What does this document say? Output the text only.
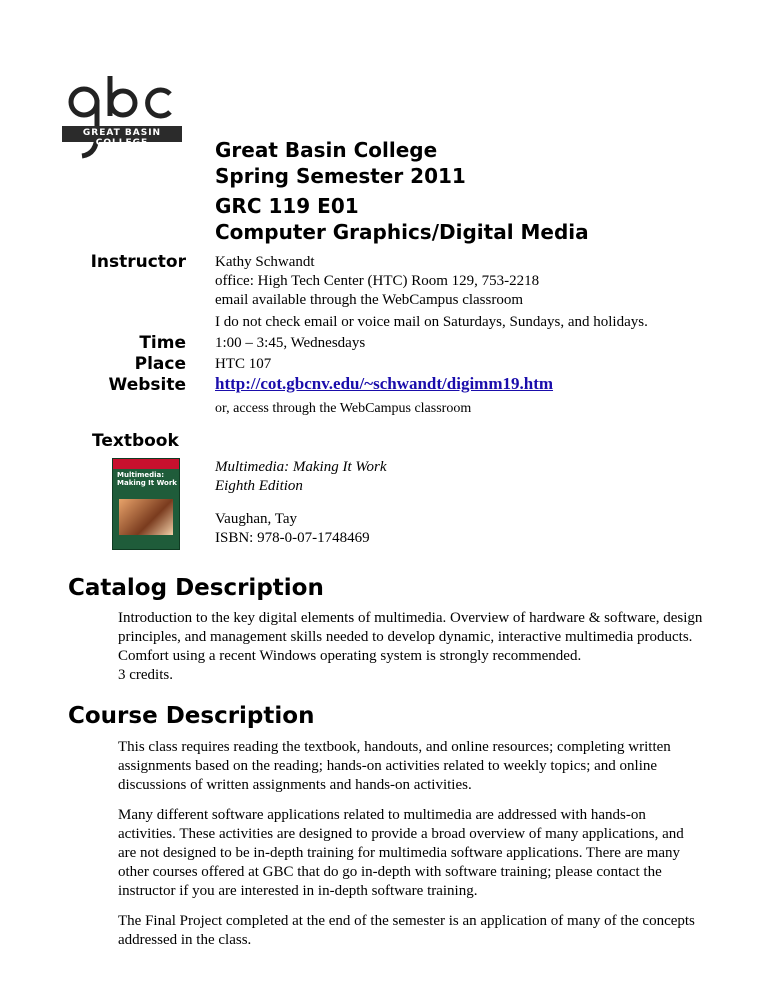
GREAT BASIN COLLEGE	Great Basin College
Spring Semester 2011
GRC 119 E01
Computer Graphics/Digital Media
Instructor Kathy Schwandt
office: High Tech Center (HTC) Room 129, 753-2218
email available through the WebCampus classroom
I do not check email or voice mail on Saturdays, Sundays, and holidays.
Time
Place
Website
1:00 – 3:45, Wednesdays
HTC 107
http://cot.gbcnv.edu/~schwandt/digimm19.htm
or, access through the WebCampus classroom
Textbook
Multimedia: Making It Work
Multimedia: Making It Work
Eighth Edition
Vaughan, Tay
ISBN: 978-0-07-1748469
Catalog Description

Introduction to the key digital elements of multimedia. Overview of hardware & software, design

principles, and management skills needed to develop dynamic, interactive multimedia products.

Comfort using a recent Windows operating system is strongly recommended.

3 credits.

Course Description

This class requires reading the textbook, handouts, and online resources; completing written

assignments based on the reading; hands-on activities related to weekly topics; and online

discussions of written assignments and hands-on activities.

Many different software applications related to multimedia are addressed with hands-on

activities. These activities are designed to provide a broad overview of many applications, and

are not designed to be in-depth training for multimedia software applications. There are many

other courses offered at GBC that do go in-depth with software training; please contact the

instructor if you are interested in in-depth software training.

The Final Project completed at the end of the semester is an application of many of the concepts

addressed in the class.
